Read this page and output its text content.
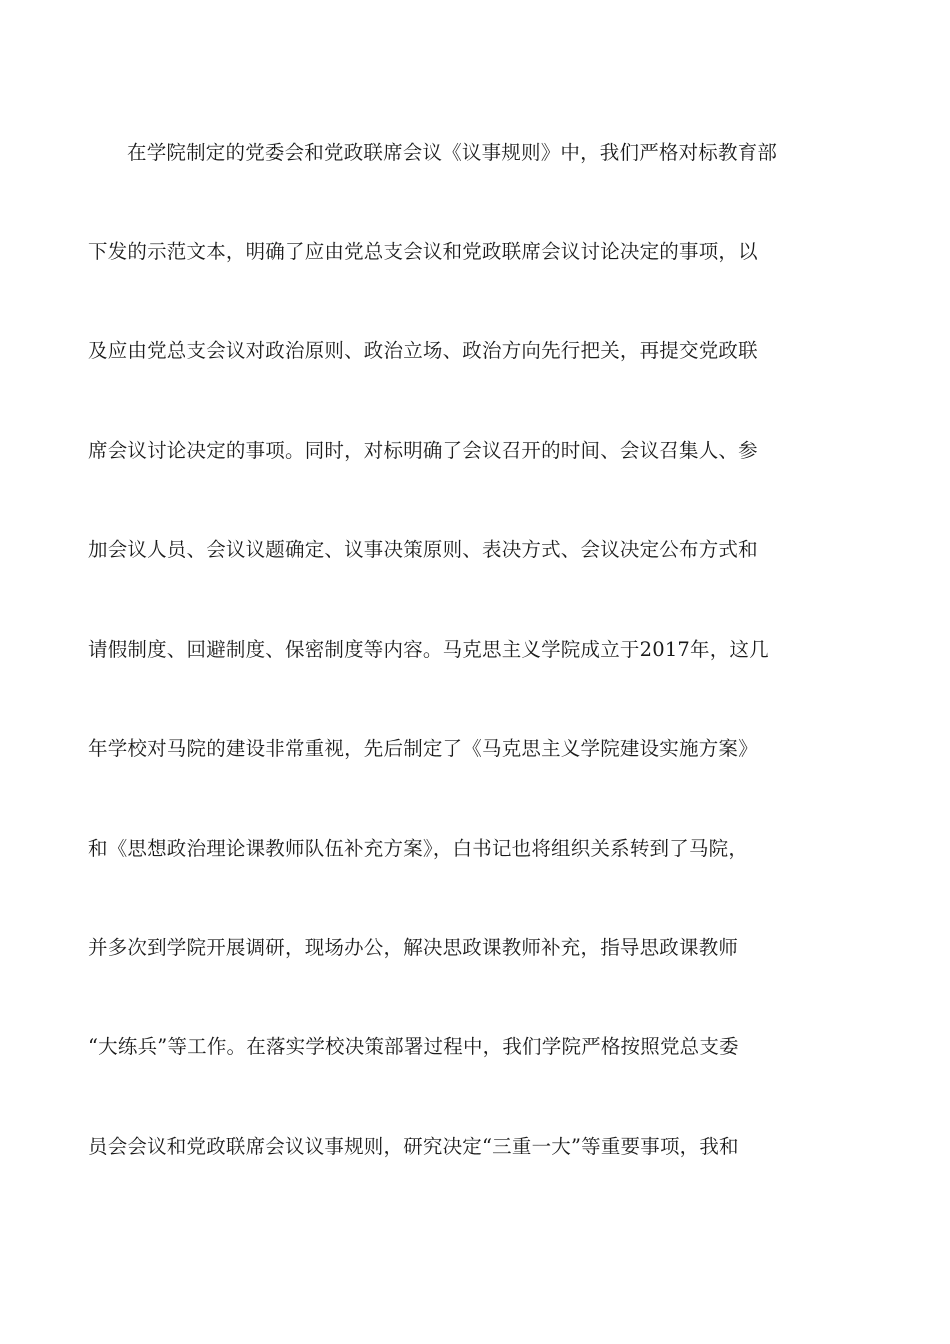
在学院制定的党委会和党政联席会议《议事规则》中，我们严格对标教育部
下发的示范文本，明确了应由党总支会议和党政联席会议讨论决定的事项，以
及应由党总支会议对政治原则、政治立场、政治方向先行把关，再提交党政联
席会议讨论决定的事项。同时，对标明确了会议召开的时间、会议召集人、参
加会议人员、会议议题确定、议事决策原则、表决方式、会议决定公布方式和
请假制度、回避制度、保密制度等内容。马克思主义学院成立于2017年，这几
年学校对马院的建设非常重视，先后制定了《马克思主义学院建设实施方案》
和《思想政治理论课教师队伍补充方案》，白书记也将组织关系转到了马院，
并多次到学院开展调研，现场办公，解决思政课教师补充，指导思政课教师
“大练兵”等工作。在落实学校决策部署过程中，我们学院严格按照党总支委
员会会议和党政联席会议议事规则，研究决定“三重一大”等重要事项，我和
